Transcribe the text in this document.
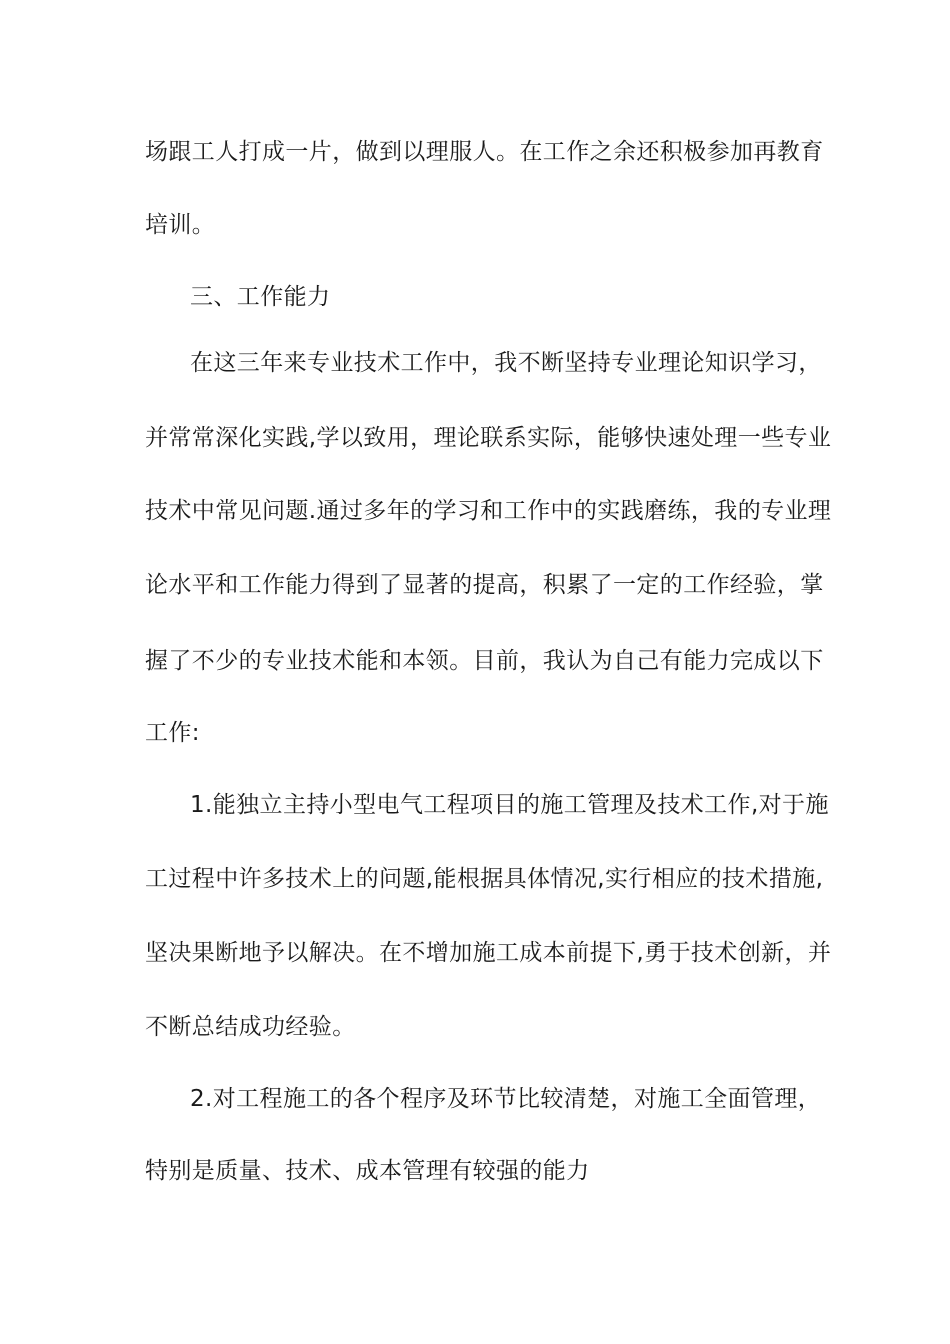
场跟工人打成一片，做到以理服人。在工作之余还积极参加再教育
培训。
三、工作能力
在这三年来专业技术工作中，我不断坚持专业理论知识学习，
并常常深化实践,学以致用，理论联系实际，能够快速处理一些专业
技术中常见问题.通过多年的学习和工作中的实践磨练，我的专业理
论水平和工作能力得到了显著的提高，积累了一定的工作经验，掌
握了不少的专业技术能和本领。目前，我认为自己有能力完成以下
工作:
1.能独立主持小型电气工程项目的施工管理及技术工作,对于施
工过程中许多技术上的问题,能根据具体情况,实行相应的技术措施,
坚决果断地予以解决。在不增加施工成本前提下,勇于技术创新，并
不断总结成功经验。
2.对工程施工的各个程序及环节比较清楚，对施工全面管理，
特别是质量、技术、成本管理有较强的能力
